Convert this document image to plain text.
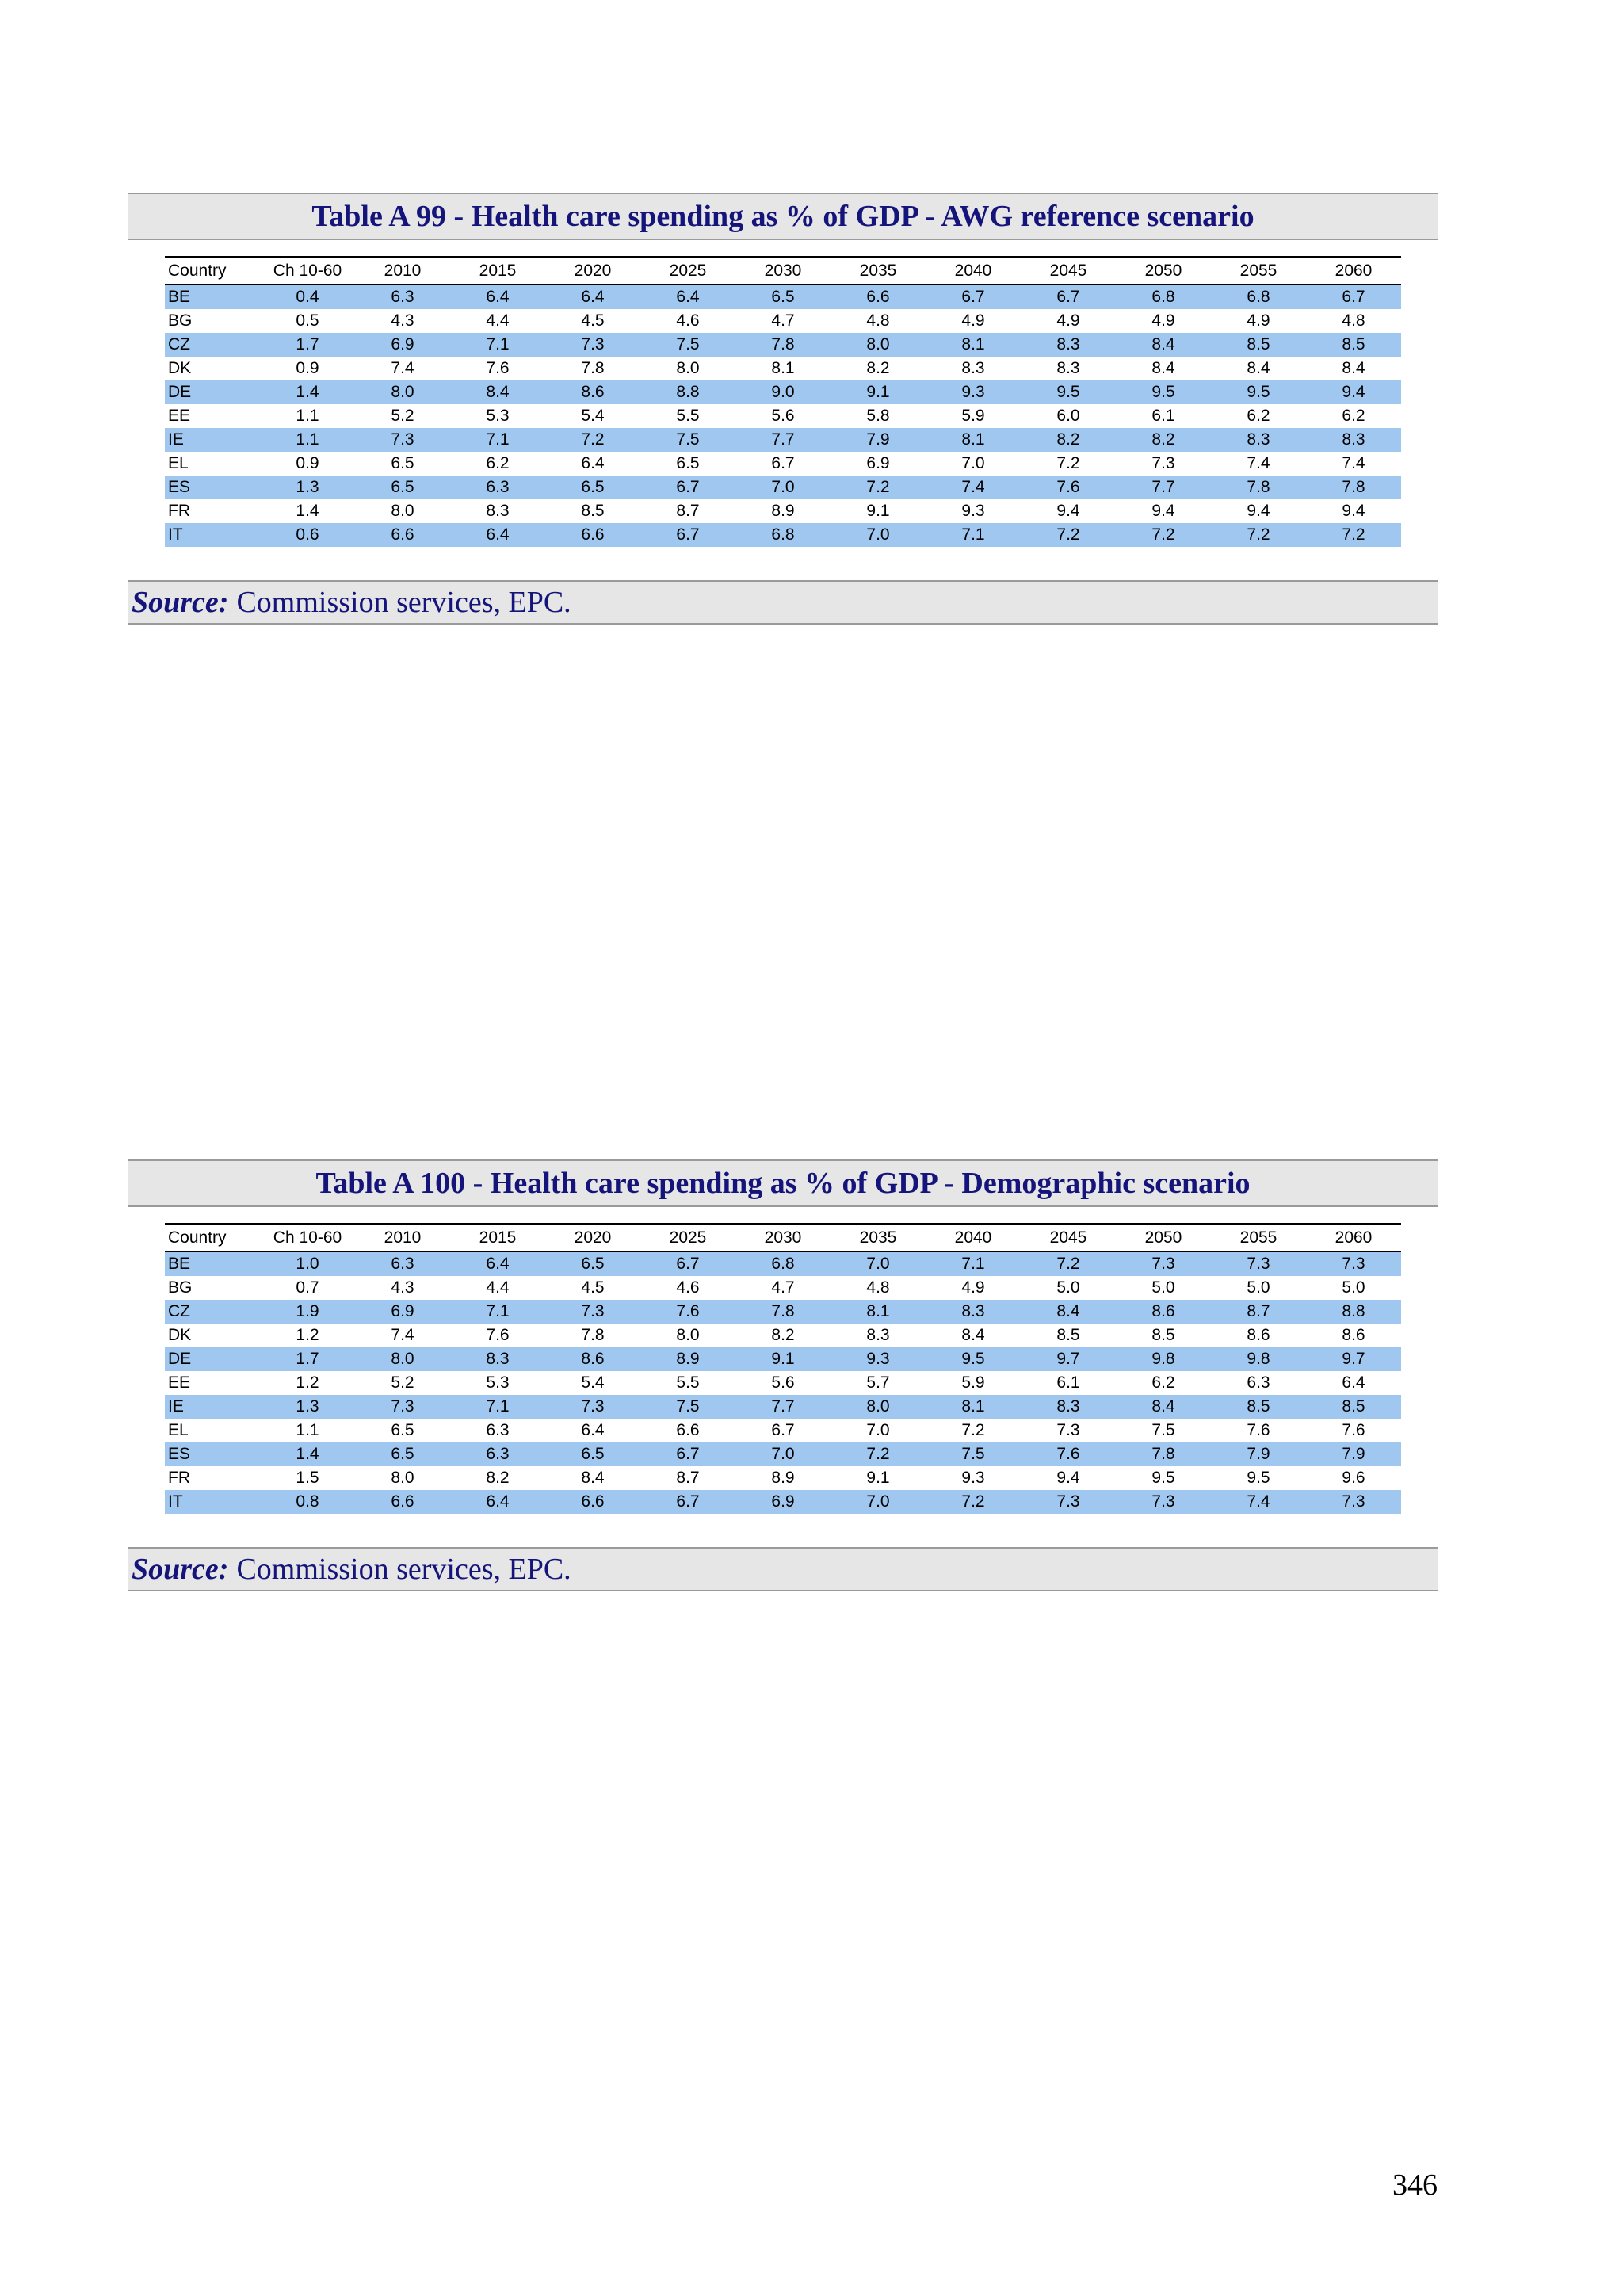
Table A 99 - Health care spending as % of GDP - AWG reference scenario
Country	Ch 10-60	2010	2015	2020	2025	2030	2035	2040	2045	2050	2055	2060
BE	0.4	6.3	6.4	6.4	6.4	6.5	6.6	6.7	6.7	6.8	6.8	6.7
BG	0.5	4.3	4.4	4.5	4.6	4.7	4.8	4.9	4.9	4.9	4.9	4.8
CZ	1.7	6.9	7.1	7.3	7.5	7.8	8.0	8.1	8.3	8.4	8.5	8.5
DK	0.9	7.4	7.6	7.8	8.0	8.1	8.2	8.3	8.3	8.4	8.4	8.4
DE	1.4	8.0	8.4	8.6	8.8	9.0	9.1	9.3	9.5	9.5	9.5	9.4
EE	1.1	5.2	5.3	5.4	5.5	5.6	5.8	5.9	6.0	6.1	6.2	6.2
IE	1.1	7.3	7.1	7.2	7.5	7.7	7.9	8.1	8.2	8.2	8.3	8.3
EL	0.9	6.5	6.2	6.4	6.5	6.7	6.9	7.0	7.2	7.3	7.4	7.4
ES	1.3	6.5	6.3	6.5	6.7	7.0	7.2	7.4	7.6	7.7	7.8	7.8
FR	1.4	8.0	8.3	8.5	8.7	8.9	9.1	9.3	9.4	9.4	9.4	9.4
IT	0.6	6.6	6.4	6.6	6.7	6.8	7.0	7.1	7.2	7.2	7.2	7.2
Source: Commission services, EPC.
Table A 100 - Health care spending as % of GDP - Demographic scenario
Country	Ch 10-60	2010	2015	2020	2025	2030	2035	2040	2045	2050	2055	2060
BE	1.0	6.3	6.4	6.5	6.7	6.8	7.0	7.1	7.2	7.3	7.3	7.3
BG	0.7	4.3	4.4	4.5	4.6	4.7	4.8	4.9	5.0	5.0	5.0	5.0
CZ	1.9	6.9	7.1	7.3	7.6	7.8	8.1	8.3	8.4	8.6	8.7	8.8
DK	1.2	7.4	7.6	7.8	8.0	8.2	8.3	8.4	8.5	8.5	8.6	8.6
DE	1.7	8.0	8.3	8.6	8.9	9.1	9.3	9.5	9.7	9.8	9.8	9.7
EE	1.2	5.2	5.3	5.4	5.5	5.6	5.7	5.9	6.1	6.2	6.3	6.4
IE	1.3	7.3	7.1	7.3	7.5	7.7	8.0	8.1	8.3	8.4	8.5	8.5
EL	1.1	6.5	6.3	6.4	6.6	6.7	7.0	7.2	7.3	7.5	7.6	7.6
ES	1.4	6.5	6.3	6.5	6.7	7.0	7.2	7.5	7.6	7.8	7.9	7.9
FR	1.5	8.0	8.2	8.4	8.7	8.9	9.1	9.3	9.4	9.5	9.5	9.6
IT	0.8	6.6	6.4	6.6	6.7	6.9	7.0	7.2	7.3	7.3	7.4	7.3
Source: Commission services, EPC.
346
